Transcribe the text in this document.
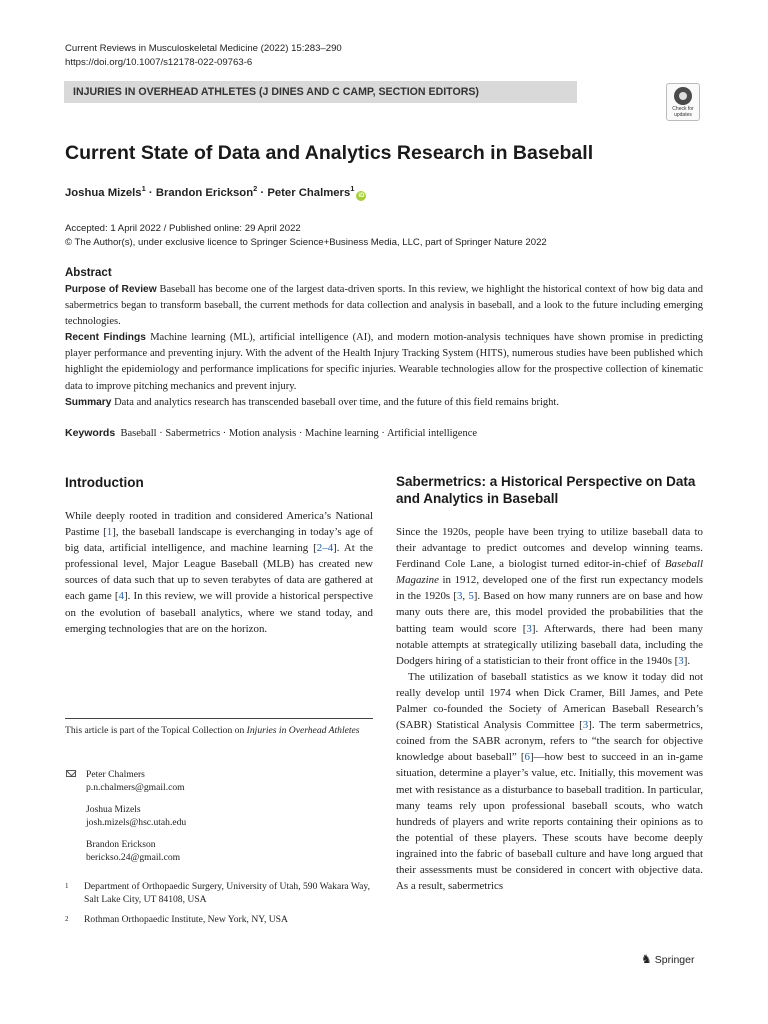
Current Reviews in Musculoskeletal Medicine (2022) 15:283–290
https://doi.org/10.1007/s12178-022-09763-6
INJURIES IN OVERHEAD ATHLETES (J DINES AND C CAMP, SECTION EDITORS)
Check for updates
Current State of Data and Analytics Research in Baseball
Joshua Mizels$^1$ · Brandon Erickson$^2$ · Peter Chalmers$^1$iD
Accepted: 1 April 2022 / Published online: 29 April 2022
© The Author(s), under exclusive licence to Springer Science+Business Media, LLC, part of Springer Nature 2022
Abstract
Purpose of Review Baseball has become one of the largest data-driven sports. In this review, we highlight the historical context of how big data and sabermetrics began to transform baseball, the current methods for data collection and analysis in baseball, and a look to the future including emerging technologies.
Recent Findings Machine learning (ML), artificial intelligence (AI), and modern motion-analysis techniques have shown promise in predicting player performance and preventing injury. With the advent of the Health Injury Tracking System (HITS), numerous studies have been published which highlight the epidemiology and performance implications for specific injuries. Wearable technologies allow for the prospective collection of kinematic data to improve pitching mechanics and prevent injury.
Summary Data and analytics research has transcended baseball over time, and the future of this field remains bright.
Keywords Baseball · Sabermetrics · Motion analysis · Machine learning · Artificial intelligence
Introduction

While deeply rooted in tradition and considered America’s National Pastime [1], the baseball landscape is everchanging in today’s age of big data, artificial intelligence, and machine learning [2–4]. At the professional level, Major League Baseball (MLB) has created new sources of data such that up to seven terabytes of data are gathered at each game [4]. In this review, we will provide a historical perspective on the evolution of baseball analytics, where we stand today, and emerging technologies that are on the horizon.

This article is part of the Topical Collection on Injuries in Overhead Athletes
Peter Chalmers
p.n.chalmers@gmail.com
Joshua Mizels
josh.mizels@hsc.utah.edu
Brandon Erickson
berickso.24@gmail.com
1 Department of Orthopaedic Surgery, University of Utah, 590 Wakara Way, Salt Lake City, UT 84108, USA
2 Rothman Orthopaedic Institute, New York, NY, USA
Sabermetrics: a Historical Perspective on Data and Analytics in Baseball

Since the 1920s, people have been trying to utilize baseball data to their advantage to predict outcomes and develop winning teams. Ferdinand Cole Lane, a biologist turned editor-in-chief of Baseball Magazine in 1912, developed one of the first run expectancy models in the 1920s [3, 5]. Based on how many runners are on base and how many outs there are, this model provided the probabilities that the batting team would score [3]. Afterwards, there had been many notable attempts at strategically utilizing baseball data, including the Dodgers hiring of a statistician to their front office in the 1940s [3].

The utilization of baseball statistics as we know it today did not really develop until 1974 when Dick Cramer, Bill James, and Pete Palmer co-founded the Society of American Baseball Research’s (SABR) Statistical Analysis Committee [3]. The term sabermetrics, coined from the SABR acronym, refers to “the search for objective knowledge about baseball” [6]—how best to succeed in an in-game situation, determine a player’s value, etc. Initially, this movement was met with resistance as a disturbance to baseball tradition. In particular, many teams rely upon professional baseball scouts, who watch hundreds of players and write reports containing their opinions as to the potential of these players. These scouts have become deeply ingrained into the fabric of baseball culture and have long argued that their assessments must be considered in concert with objective data. As a result, sabermetrics

♞ Springer
